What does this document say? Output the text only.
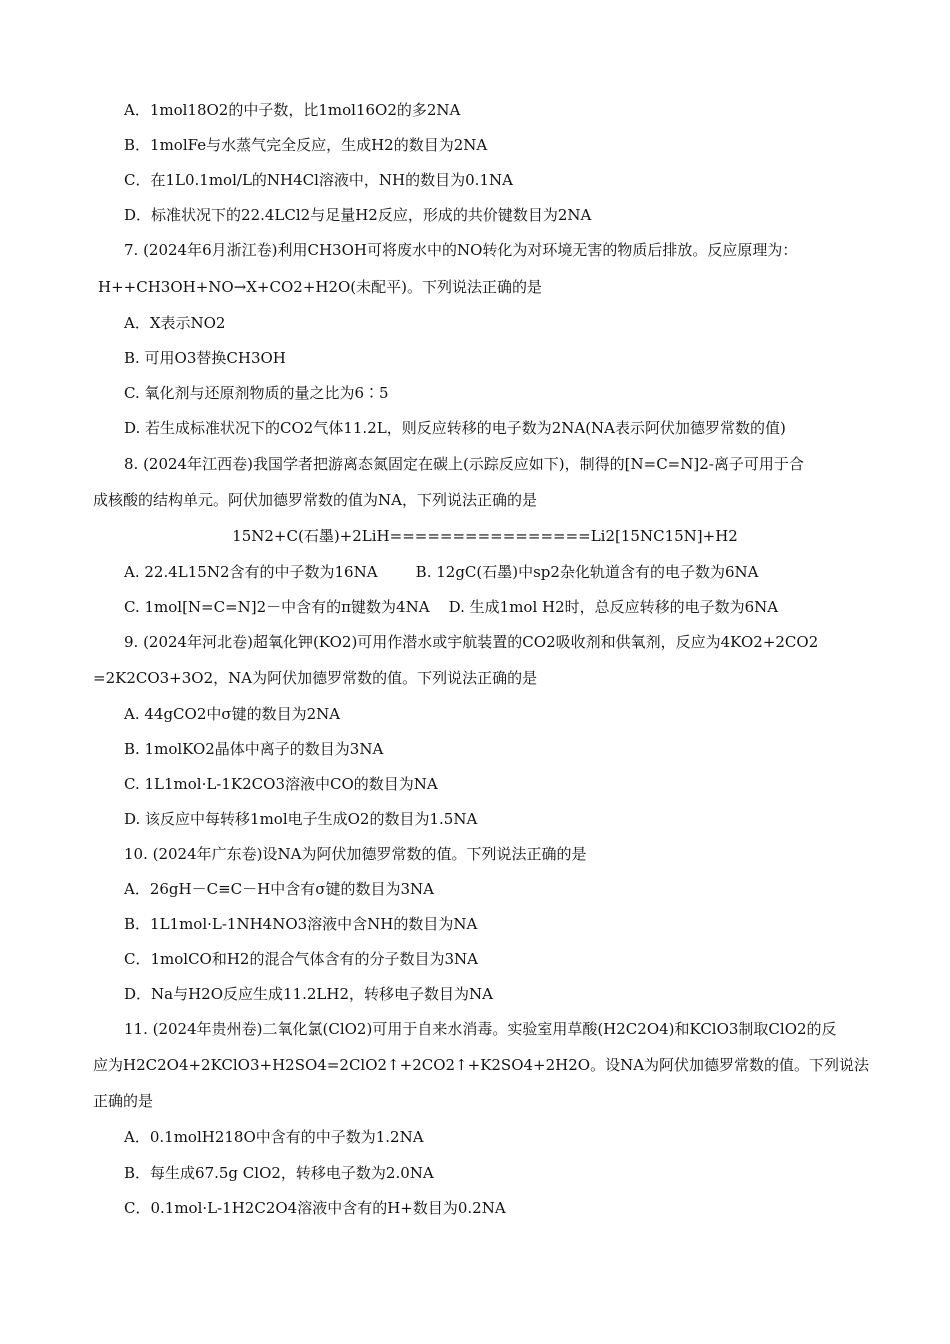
A．1mol18O2的中子数，比1mol16O2的多2NA
B．1molFe与水蒸气完全反应，生成H2的数目为2NA
C．在1L0.1mol/L的NH4Cl溶液中，NH的数目为0.1NA
D．标准状况下的22.4LCl2与足量H2反应，形成的共价键数目为2NA
7. (2024年6月浙江卷)利用CH3OH可将废水中的NO转化为对环境无害的物质后排放。反应原理为：
H++CH3OH+NO→X+CO2+H2O(未配平)。下列说法正确的是
A．X表示NO2
B. 可用O3替换CH3OH
C. 氧化剂与还原剂物质的量之比为6∶5
D. 若生成标准状况下的CO2气体11.2L，则反应转移的电子数为2NA(NA表示阿伏加德罗常数的值)
8. (2024年江西卷)我国学者把游离态氮固定在碳上(示踪反应如下)，制得的[N=C=N]2-离子可用于合
成核酸的结构单元。阿伏加德罗常数的值为NA，下列说法正确的是
15N2+C(石墨)+2LiH================Li2[15NC15N]+H2
A. 22.4L15N2含有的中子数为16NA        B. 12gC(石墨)中sp2杂化轨道含有的电子数为6NA
C. 1mol[N=C=N]2－中含有的π键数为4NA    D. 生成1mol H2时，总反应转移的电子数为6NA
9. (2024年河北卷)超氧化钾(KO2)可用作潜水或宇航装置的CO2吸收剂和供氧剂，反应为4KO2+2CO2
=2K2CO3+3O2，NA为阿伏加德罗常数的值。下列说法正确的是
A. 44gCO2中σ键的数目为2NA
B. 1molKO2晶体中离子的数目为3NA
C. 1L1mol·L-1K2CO3溶液中CO的数目为NA
D. 该反应中每转移1mol电子生成O2的数目为1.5NA
10. (2024年广东卷)设NA为阿伏加德罗常数的值。下列说法正确的是
A．26gH－C≡C－H中含有σ键的数目为3NA
B．1L1mol·L-1NH4NO3溶液中含NH的数目为NA
C．1molCO和H2的混合气体含有的分子数目为3NA
D．Na与H2O反应生成11.2LH2，转移电子数目为NA
11. (2024年贵州卷)二氧化氯(ClO2)可用于自来水消毒。实验室用草酸(H2C2O4)和KClO3制取ClO2的反
应为H2C2O4+2KClO3+H2SO4=2ClO2↑+2CO2↑+K2SO4+2H2O。设NA为阿伏加德罗常数的值。下列说法
正确的是
A．0.1molH218O中含有的中子数为1.2NA
B．每生成67.5g ClO2，转移电子数为2.0NA
C．0.1mol·L-1H2C2O4溶液中含有的H+数目为0.2NA
